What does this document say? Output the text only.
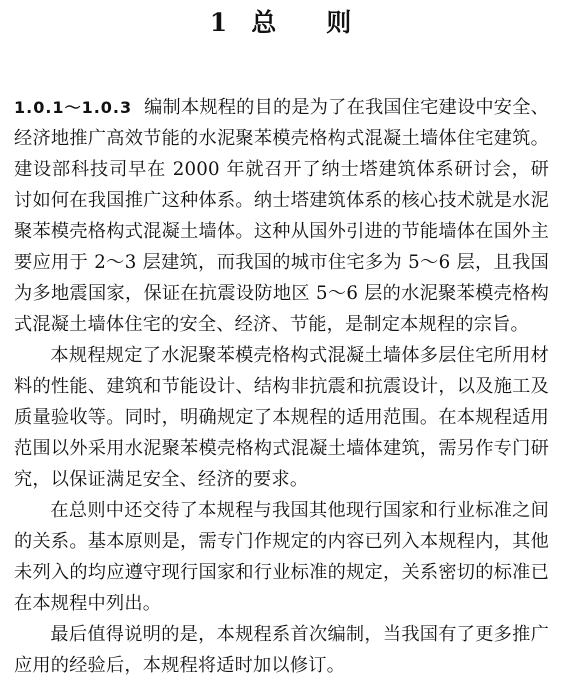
1 总 则

1.0.1～1.0.3 编制本规程的目的是为了在我国住宅建设中安全、经济地推广高效节能的水泥聚苯模壳格构式混凝土墙体住宅建筑。建设部科技司早在 2000 年就召开了纳士塔建筑体系研讨会，研讨如何在我国推广这种体系。纳士塔建筑体系的核心技术就是水泥聚苯模壳格构式混凝土墙体。这种从国外引进的节能墙体在国外主要应用于 2～3 层建筑，而我国的城市住宅多为 5～6 层，且我国为多地震国家，保证在抗震设防地区 5～6 层的水泥聚苯模壳格构式混凝土墙体住宅的安全、经济、节能，是制定本规程的宗旨。

本规程规定了水泥聚苯模壳格构式混凝土墙体多层住宅所用材料的性能、建筑和节能设计、结构非抗震和抗震设计，以及施工及质量验收等。同时，明确规定了本规程的适用范围。在本规程适用范围以外采用水泥聚苯模壳格构式混凝土墙体建筑，需另作专门研究，以保证满足安全、经济的要求。

在总则中还交待了本规程与我国其他现行国家和行业标准之间的关系。基本原则是，需专门作规定的内容已列入本规程内，其他未列入的均应遵守现行国家和行业标准的规定，关系密切的标准已在本规程中列出。

最后值得说明的是，本规程系首次编制，当我国有了更多推广应用的经验后，本规程将适时加以修订。
